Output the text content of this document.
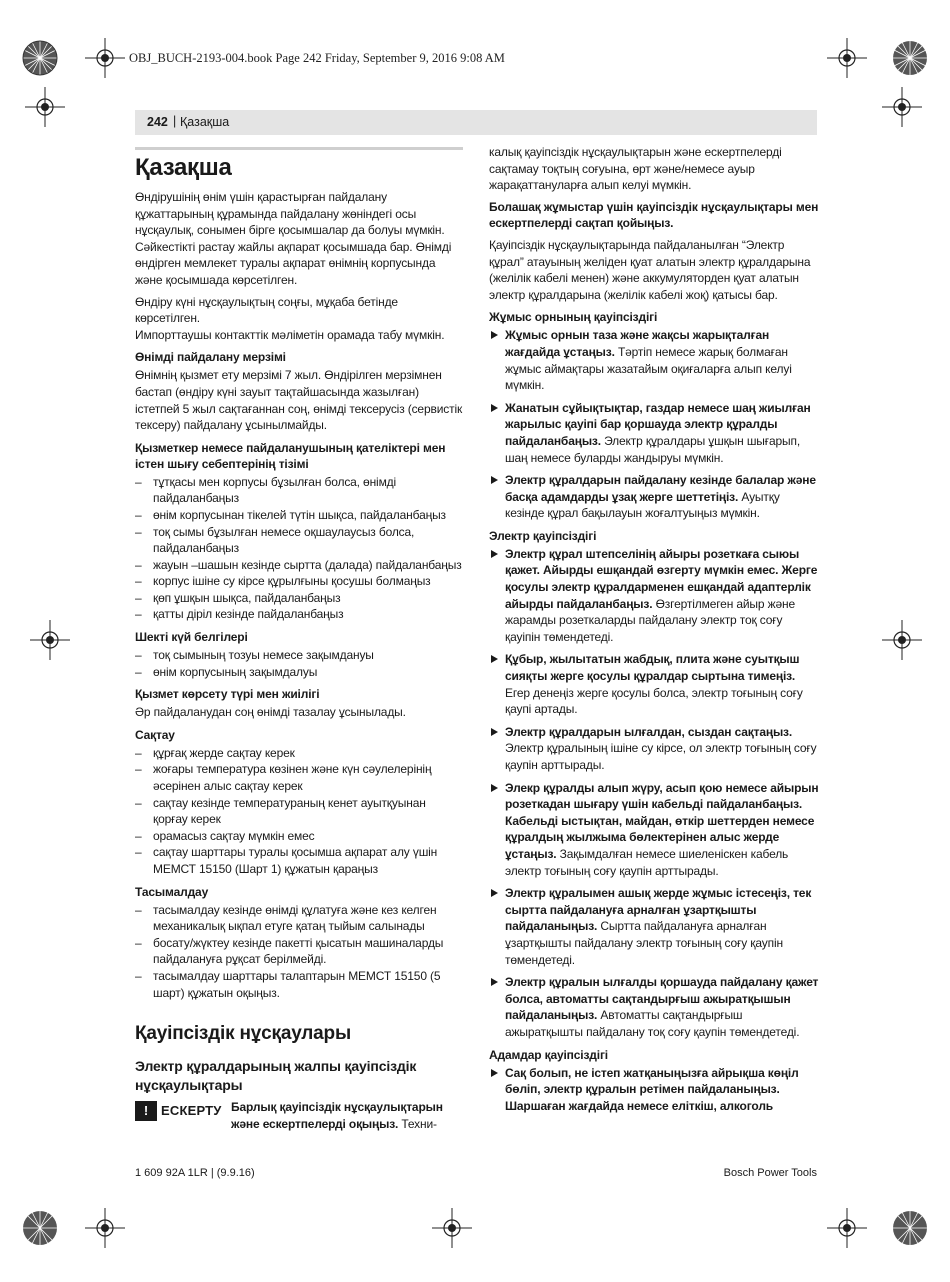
OBJ_BUCH-2193-004.book Page 242 Friday, September 9, 2016 9:08 AM
242 | Қазақша
Қазақша

Өндірушінің өнім үшін қарастырған пайдалану құжаттарының құрамында пайдалану жөніндегі осы нұсқаулық, сонымен бірге қосымшалар да болуы мүмкін. Сәйкестікті растау жайлы ақпарат қосымшада бар. Өнімді өндірген мемлекет туралы ақпарат өнімнің корпусында және қосымшада көрсетілген.

Өндіру күні нұсқаулықтың соңғы, мұқаба бетінде көрсетілген.
Импорттаушы контакттік мәліметін орамада табу мүмкін.

Өнімді пайдалану мерзімі

Өнімнің қызмет ету мерзімі 7 жыл. Өндірілген мерзімнен бастап (өндіру күні зауыт тақтайшасында жазылған) істетпей 5 жыл сақтағаннан соң, өнімді тексерусіз (сервистік тексеру) пайдалану ұсынылмайды.

Қызметкер немесе пайдаланушының қателіктері мен істен шығу себептерінің тізімі
– тұтқасы мен корпусы бұзылған болса, өнімді пайдаланбаңыз
– өнім корпусынан тікелей түтін шықса, пайдаланбаңыз
– тоқ сымы бұзылған немесе оқшаулаусыз болса, пайдаланбаңыз
– жауын –шашын кезінде сыртта (далада) пайдаланбаңыз
– корпус ішіне су кірсе құрылғыны қосушы болмаңыз
– қөп ұшқын шықса, пайдаланбаңыз
– қатты діріл кезінде пайдаланбаңыз
Шекті күй белгілері
– тоқ сымының тозуы немесе зақымдануы
– өнім корпусының зақымдалуы
Қызмет көрсету түрі мен жиілігі

Әр пайдаланудан соң өнімді тазалау ұсынылады.

Сақтау
– құрғақ жерде сақтау керек
– жоғары температура көзінен және күн сәулелерінің әсерінен алыс сақтау керек
– сақтау кезінде температураның кенет ауытқуынан қорғау керек
– орамасыз сақтау мүмкін емес
– сақтау шарттары туралы қосымша ақпарат алу үшін МЕМСТ 15150 (Шарт 1) құжатын қараңыз
Тасымалдау
– тасымалдау кезінде өнімді құлатуға және кез келген механикалық ықпал етуге қатаң тыйым салынады
– босату/жүктеу кезінде пакетті қысатын машиналарды пайдалануға рұқсат берілмейді.
– тасымалдау шарттары талаптарын МЕМСТ 15150 (5 шарт) құжатын оқыңыз.
Қауіпсіздік нұсқаулары
Электр құралдарының жалпы қауіпсіздік нұсқаулықтары
! ЕСКЕРТУ Барлық қауіпсіздік нұсқаулықтарын және ескертпелерді оқыңыз. Техни-

калық қауіпсіздік нұсқаулықтарын және ескертпелерді сақтамау тоқтың соғуына, өрт және/немесе ауыр жарақаттануларға алып келуі мүмкін.

Болашақ жұмыстар үшін қауіпсіздік нұсқаулықтары мен ескертпелерді сақтап қойыңыз.

Қауіпсіздік нұсқаулықтарында пайдаланылған “Электр құрал” атауының желіден қуат алатын электр құралдарына (желілік кабелі менен) және аккумуляторден қуат алатын электр құралдарына (желілік кабелі жоқ) қатысы бар.

Жұмыс орнының қауіпсіздігі
Жұмыс орнын таза және жақсы жарықталған жағдайда ұстаңыз. Тәртіп немесе жарық болмаған жұмыс аймақтары жазатайым оқиғаларға алып келуі мүмкін.
Жанатын сұйықтықтар, газдар немесе шаң жиылған жарылыс қауіпі бар қоршауда электр құралды пайдаланбаңыз. Электр құралдары ұшқын шығарып, шаң немесе буларды жандыруы мүмкін.
Электр құралдарын пайдалану кезінде балалар және басқа адамдарды ұзақ жерге шеттетіңіз. Ауытқу кезінде құрал бақылауын жоғалтуыңыз мүмкін.
Электр қауіпсіздігі
Электр құрал штепселінің айыры розеткаға сыюы қажет. Айырды ешқандай өзгерту мүмкін емес. Жерге қосулы электр құралдарменен ешқандай адаптерлік айырды пайдаланбаңыз. Өзгертілмеген айыр және жарамды розеткаларды пайдалану электр тоқ соғу қауіпін төмендетеді.
Құбыр, жылытатын жабдық, плита және суытқыш сияқты жерге қосулы құралдар сыртына тимеңіз. Егер денеңіз жерге қосулы болса, электр тоғының соғу қаупі артады.
Электр құралдарын ылғалдан, сыздан сақтаңыз. Электр құралының ішіне су кірсе, ол электр тоғының соғу қаупін арттырады.
Элекр құралды алып жүру, асып қою немесе айырын розеткадан шығару үшін кабельді пайдаланбаңыз. Кабельді ыстықтан, майдан, өткір шеттерден немесе құралдың жылжыма бөлектерінен алыс жерде ұстаңыз. Зақымдалған немесе шиеленіскен кабель электр тоғының соғу қаупін арттырады.
Электр құралымен ашық жерде жұмыс істесеңіз, тек сыртта пайдалануға арналған ұзартқышты пайдаланыңыз. Сыртта пайдалануға арналған ұзартқышты пайдалану электр тоғының соғу қаупін төмендетеді.
Электр құралын ылғалды қоршауда пайдалану қажет болса, автоматты сақтандырғыш ажыратқышын пайдаланыңыз. Автоматты сақтандырғыш ажыратқышты пайдалану тоқ соғу қаупін төмендетеді.
Адамдар қауіпсіздігі
Сақ болып, не істеп жатқаныңызға айрықша көңіл бөліп, электр құралын ретімен пайдаланыңыз. Шаршаған жағдайда немесе еліткіш, алкоголь
1 609 92A 1LR | (9.9.16)	Bosch Power Tools
